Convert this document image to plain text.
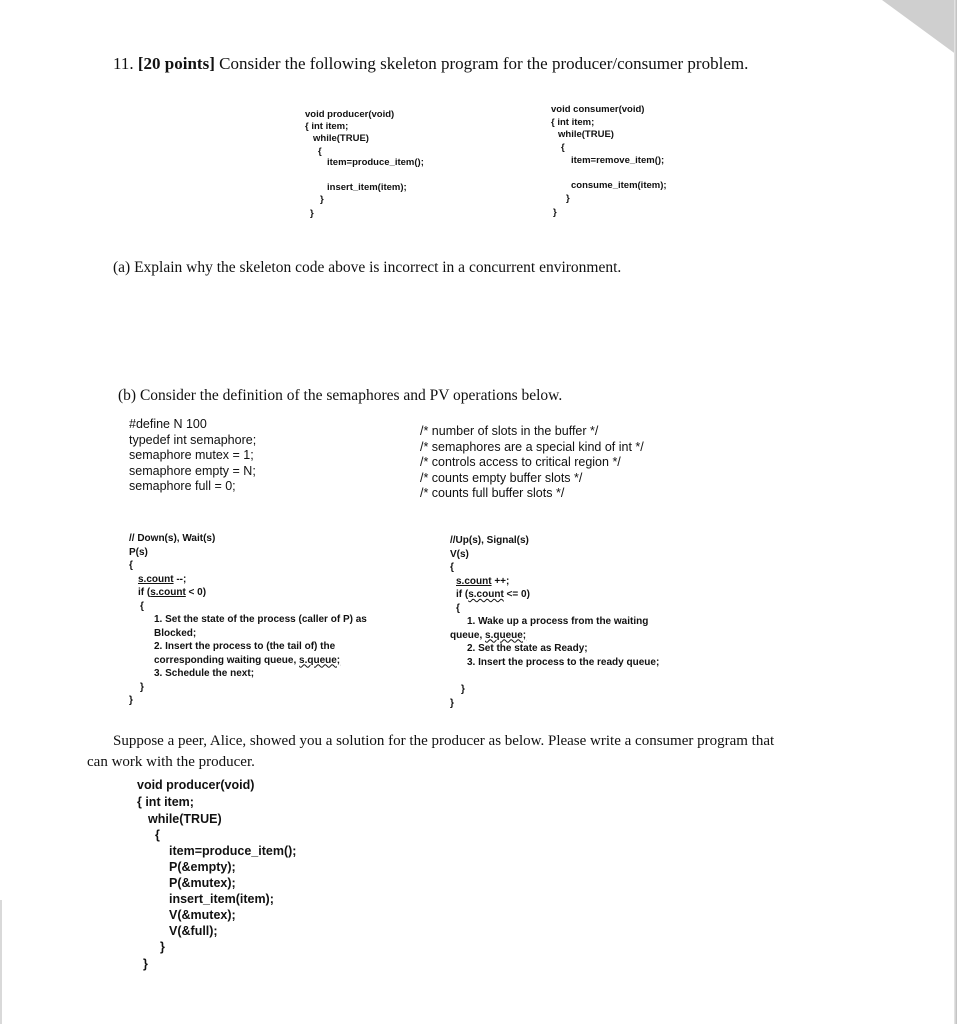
11. [20 points] Consider the following skeleton program for the producer/consumer problem.
void producer(void)
{ int item;
while(TRUE)
{
item=produce_item();
insert_item(item);
}
}
void consumer(void)
{ int item;
while(TRUE)
{
item=remove_item();
consume_item(item);
}
}
(a) Explain why the skeleton code above is incorrect in a concurrent environment.
(b) Consider the definition of the semaphores and PV operations below.
#define N 100
typedef int semaphore;
semaphore mutex = 1;
semaphore empty = N;
semaphore full = 0;
/* number of slots in the buffer */
/* semaphores are a special kind of int */
/* controls access to critical region */
/* counts empty buffer slots */
/* counts full buffer slots */
// Down(s), Wait(s)
P(s)
{
s.count --;
if (s.count < 0)
{
1. Set the state of the process (caller of P) as
Blocked;
2. Insert the process to (the tail of) the
corresponding waiting queue, s.queue;
3. Schedule the next;
}
}
//Up(s), Signal(s)
V(s)
{
s.count ++;
if (s.count <= 0)
{
1. Wake up a process from the waiting
queue, s.queue;
2. Set the state as Ready;
3. Insert the process to the ready queue;
}
}
Suppose a peer, Alice, showed you a solution for the producer as below. Please write a consumer program that
can work with the producer.
void producer(void)
{ int item;
while(TRUE)
{
item=produce_item();
P(&empty);
P(&mutex);
insert_item(item);
V(&mutex);
V(&full);
}
}
